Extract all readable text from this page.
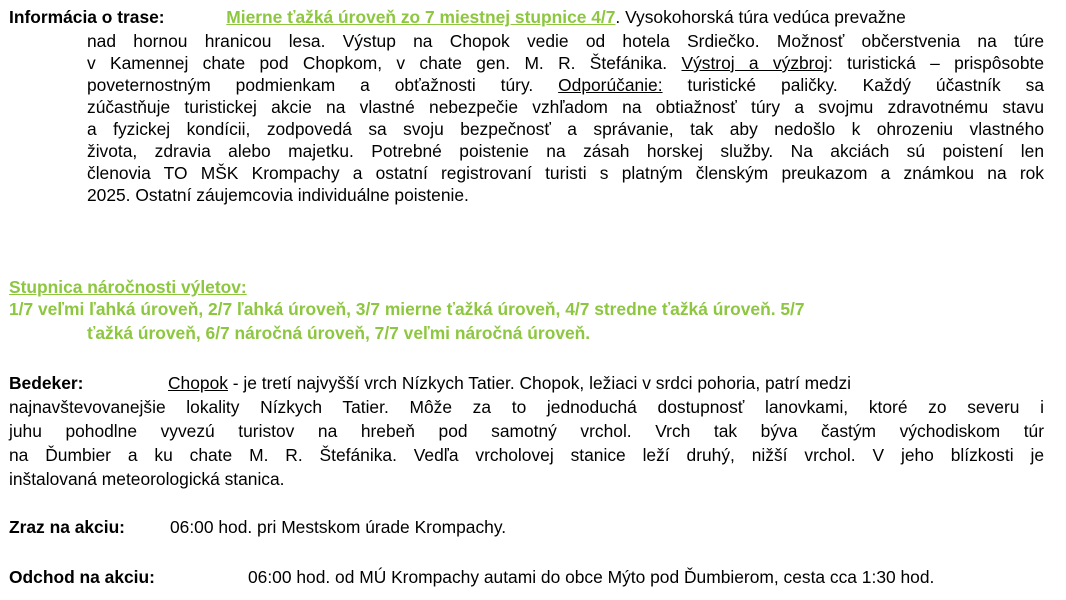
Informácia o trase:	Mierne ťažká úroveň zo 7 miestnej stupnice 4/7. Vysokohorská túra vedúca prevažne
nad hornou hranicou lesa. Výstup na Chopok vedie od hotela Srdiečko. Možnosť občerstvenia na túre
v Kamennej chate pod Chopkom, v chate gen. M. R. Štefánika. Výstroj a výzbroj: turistická – prispôsobte
poveternostným podmienkam a obťažnosti túry. Odporúčanie: turistické paličky. Každý účastník sa
zúčastňuje turistickej akcie na vlastné nebezpečie vzhľadom na obtiažnosť túry a svojmu zdravotnému stavu
a fyzickej kondícii, zodpovedá sa svoju bezpečnosť a správanie, tak aby nedošlo k ohrozeniu vlastného
života, zdravia alebo majetku. Potrebné poistenie na zásah horskej služby. Na akciách sú poistení len
členovia TO MŠK Krompachy a ostatní registrovaní turisti s platným členským preukazom a známkou na rok
2025. Ostatní záujemcovia individuálne poistenie.
Stupnica náročnosti výletov:
1/7 veľmi ľahká úroveň, 2/7 ľahká úroveň, 3/7 mierne ťažká úroveň, 4/7 stredne ťažká úroveň. 5/7
ťažká úroveň, 6/7 náročná úroveň, 7/7 veľmi náročná úroveň.
Bedeker:	Chopok - je tretí najvyšší vrch Nízkych Tatier. Chopok, ležiaci v srdci pohoria, patrí medzi
najnavštevovanejšie lokality Nízkych Tatier. Môže za to jednoduchá dostupnosť lanovkami, ktoré zo severu i
juhu pohodlne vyvezú turistov na hrebeň pod samotný vrchol. Vrch tak býva častým východiskom túr
na Ďumbier a ku chate M. R. Štefánika. Vedľa vrcholovej stanice leží druhý, nižší vrchol. V jeho blízkosti je
inštalovaná meteorologická stanica.
Zraz na akciu:	06:00 hod. pri Mestskom úrade Krompachy.
Odchod na akciu:	06:00 hod. od MÚ Krompachy autami do obce Mýto pod Ďumbierom, cesta cca 1:30 hod.
